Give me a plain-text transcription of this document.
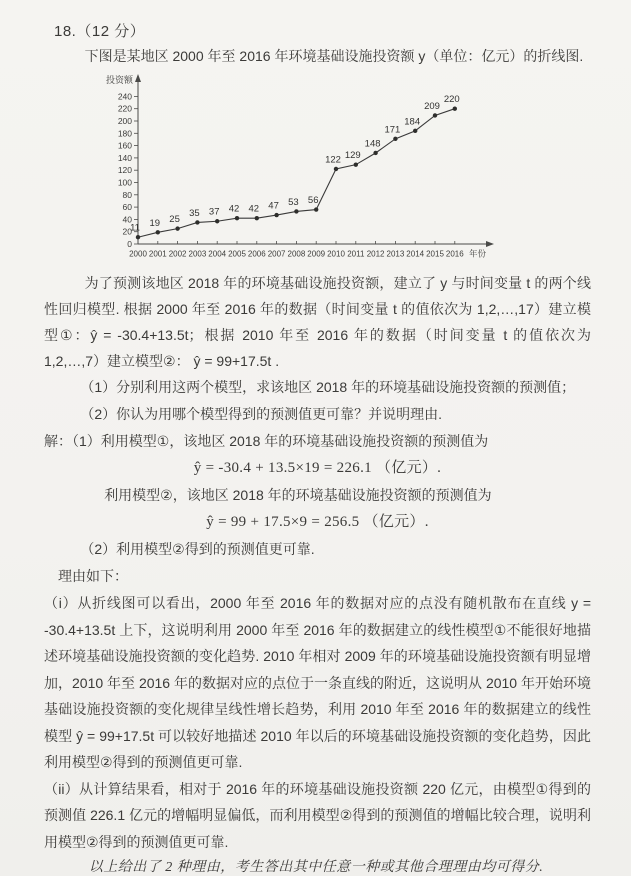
18.（12 分）

下图是某地区 2000 年至 2016 年环境基础设施投资额 y（单位：亿元）的折线图.

投资额
年份
0
20
40
60
80
100
120
140
160
180
200
220
240
2000 2001 2002 2003 2004 2005 2006 2007 2008 2009 2010 2011 2012 2013 2014 2015 2016
11 19 25
35 37 42 42 47 53 56
122 129
148
171
184
209
220

为了预测该地区 2018 年的环境基础设施投资额，建立了 y 与时间变量 t 的两个线性回归模型. 根据 2000 年至 2016 年的数据（时间变量 t 的值依次为 1,2,…,17）建立模型①：ŷ = -30.4+13.5t；根据 2010 年至 2016 年的数据（时间变量 t 的值依次为 1,2,…,7）建立模型②： ŷ = 99+17.5t .

（1）分别利用这两个模型，求该地区 2018 年的环境基础设施投资额的预测值；

（2）你认为用哪个模型得到的预测值更可靠？并说明理由.

解：（1）利用模型①，该地区 2018 年的环境基础设施投资额的预测值为

ŷ = -30.4 + 13.5×19 = 226.1 （亿元）.

利用模型②，该地区 2018 年的环境基础设施投资额的预测值为

ŷ = 99 + 17.5×9 = 256.5 （亿元）.

（2）利用模型②得到的预测值更可靠.

理由如下：

（i）从折线图可以看出，2000 年至 2016 年的数据对应的点没有随机散布在直线 y = -30.4+13.5t 上下，这说明利用 2000 年至 2016 年的数据建立的线性模型①不能很好地描述环境基础设施投资额的变化趋势. 2010 年相对 2009 年的环境基础设施投资额有明显增加，2010 年至 2016 年的数据对应的点位于一条直线的附近，这说明从 2010 年开始环境基础设施投资额的变化规律呈线性增长趋势，利用 2010 年至 2016 年的数据建立的线性模型 ŷ = 99+17.5t 可以较好地描述 2010 年以后的环境基础设施投资额的变化趋势，因此利用模型②得到的预测值更可靠.

（ii）从计算结果看，相对于 2016 年的环境基础设施投资额 220 亿元，由模型①得到的预测值 226.1 亿元的增幅明显偏低，而利用模型②得到的预测值的增幅比较合理，说明利用模型②得到的预测值更可靠.

以上给出了 2 种理由，考生答出其中任意一种或其他合理理由均可得分.
